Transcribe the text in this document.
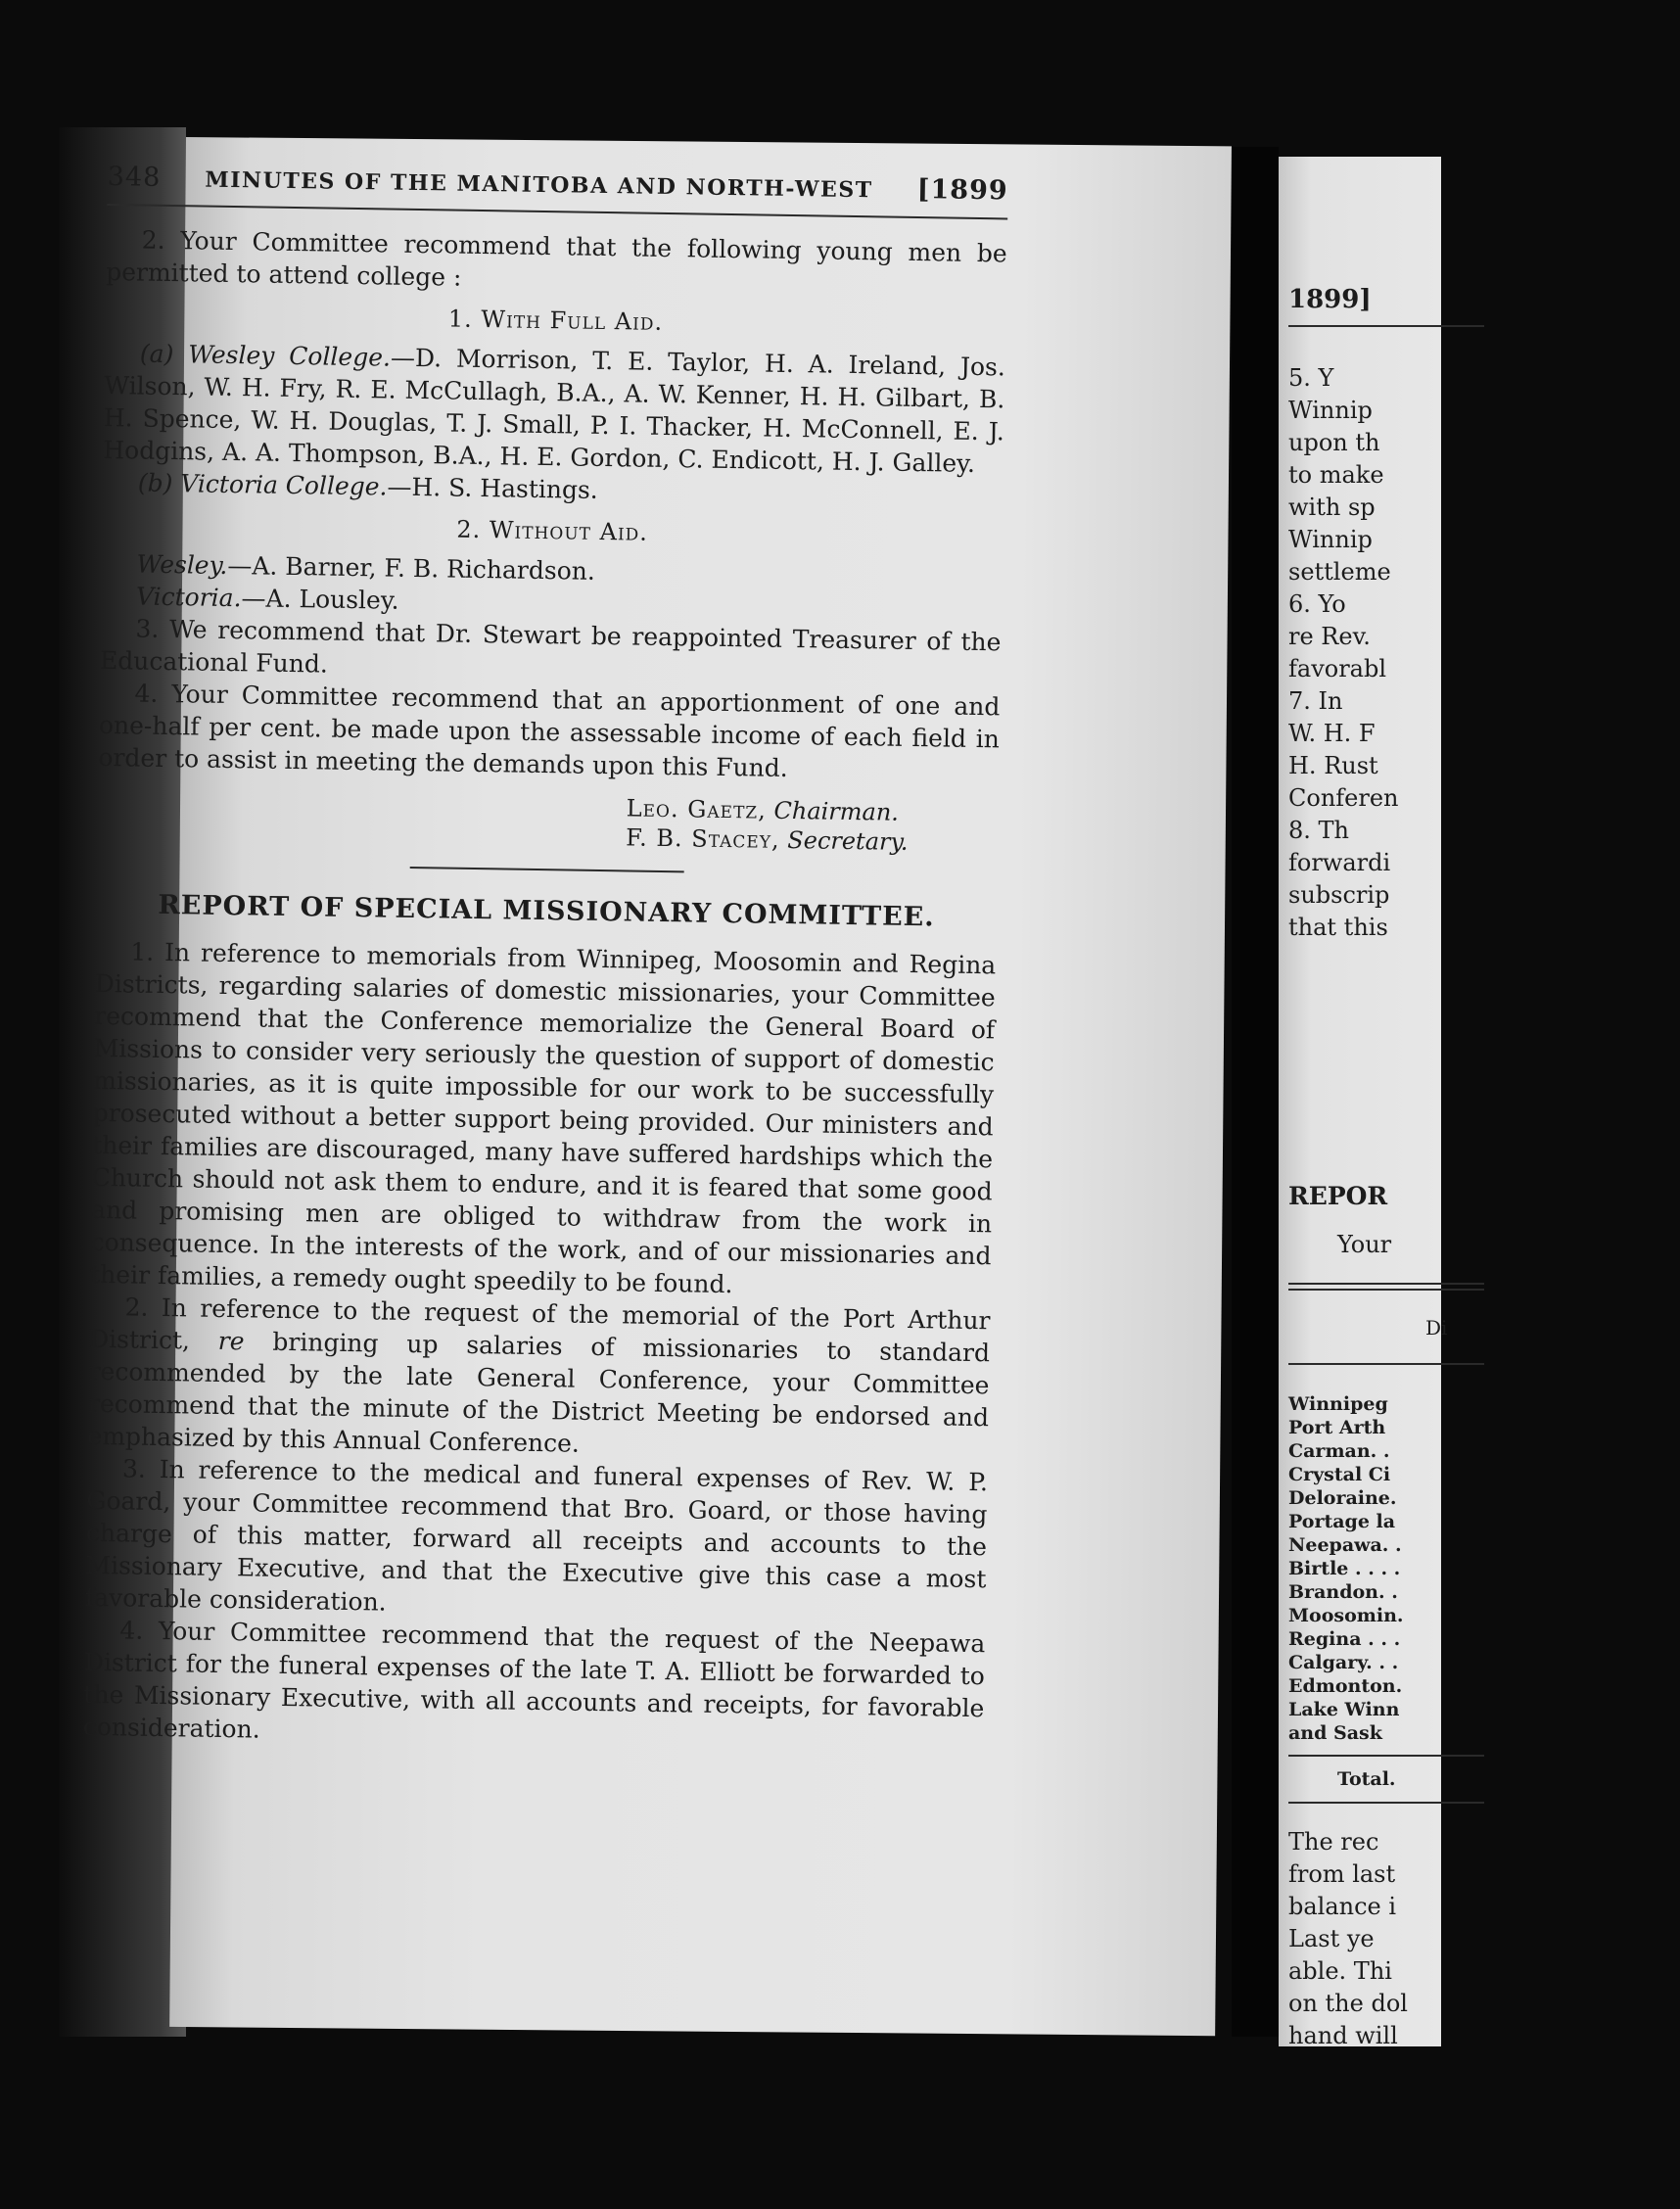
1899]
5. Y
Winnip
upon th
to make
with sp
Winnip
settleme
6. Yo
re Rev.
favorabl
7. In
W. H. F
H. Rust
Conferen
8. Th
forwardi
subscrip
that this
REPOR
Your
Di
Winnipeg
Port Arth
Carman. .
Crystal Ci
Deloraine.
Portage la
Neepawa. .
Birtle . . . .
Brandon. .
Moosomin.
Regina . . .
Calgary. . .
Edmonton.
Lake Winn
and Sask
Total.
The rec
from last
balance i
Last ye
able. Thi
on the dol
hand will
348 MINUTES OF THE MANITOBA AND NORTH-WEST [1899

2. Your Committee recommend that the following young men be permitted to attend college :

1. With Full Aid.

(a) Wesley College.—D. Morrison, T. E. Taylor, H. A. Ireland, Jos. Wilson, W. H. Fry, R. E. McCullagh, B.A., A. W. Kenner, H. H. Gilbart, B. H. Spence, W. H. Douglas, T. J. Small, P. I. Thacker, H. McConnell, E. J. Hodgins, A. A. Thompson, B.A., H. E. Gordon, C. Endicott, H. J. Galley.

(b) Victoria College.—H. S. Hastings.

2. Without Aid.

Wesley.—A. Barner, F. B. Richardson.

Victoria.—A. Lousley.

3. We recommend that Dr. Stewart be reappointed Treasurer of the Educational Fund.

4. Your Committee recommend that an apportionment of one and one-half per cent. be made upon the assessable income of each field in order to assist in meeting the demands upon this Fund.

Leo. Gaetz, Chairman.
F. B. Stacey, Secretary.
REPORT OF SPECIAL MISSIONARY COMMITTEE.

1. In reference to memorials from Winnipeg, Moosomin and Regina Districts, regarding salaries of domestic missionaries, your Committee recommend that the Conference memorialize the General Board of Missions to consider very seriously the question of support of domestic missionaries, as it is quite impossible for our work to be successfully prosecuted without a better support being provided. Our ministers and their families are discouraged, many have suffered hardships which the Church should not ask them to endure, and it is feared that some good and promising men are obliged to withdraw from the work in consequence. In the interests of the work, and of our missionaries and their families, a remedy ought speedily to be found.

2. In reference to the request of the memorial of the Port Arthur District, re bringing up salaries of missionaries to standard recommended by the late General Conference, your Committee recommend that the minute of the District Meeting be endorsed and emphasized by this Annual Conference.

3. In reference to the medical and funeral expenses of Rev. W. P. Goard, your Committee recommend that Bro. Goard, or those having charge of this matter, forward all receipts and accounts to the Missionary Executive, and that the Executive give this case a most favorable consideration.

4. Your Committee recommend that the request of the Neepawa District for the funeral expenses of the late T. A. Elliott be forwarded to the Missionary Executive, with all accounts and receipts, for favorable consideration.
